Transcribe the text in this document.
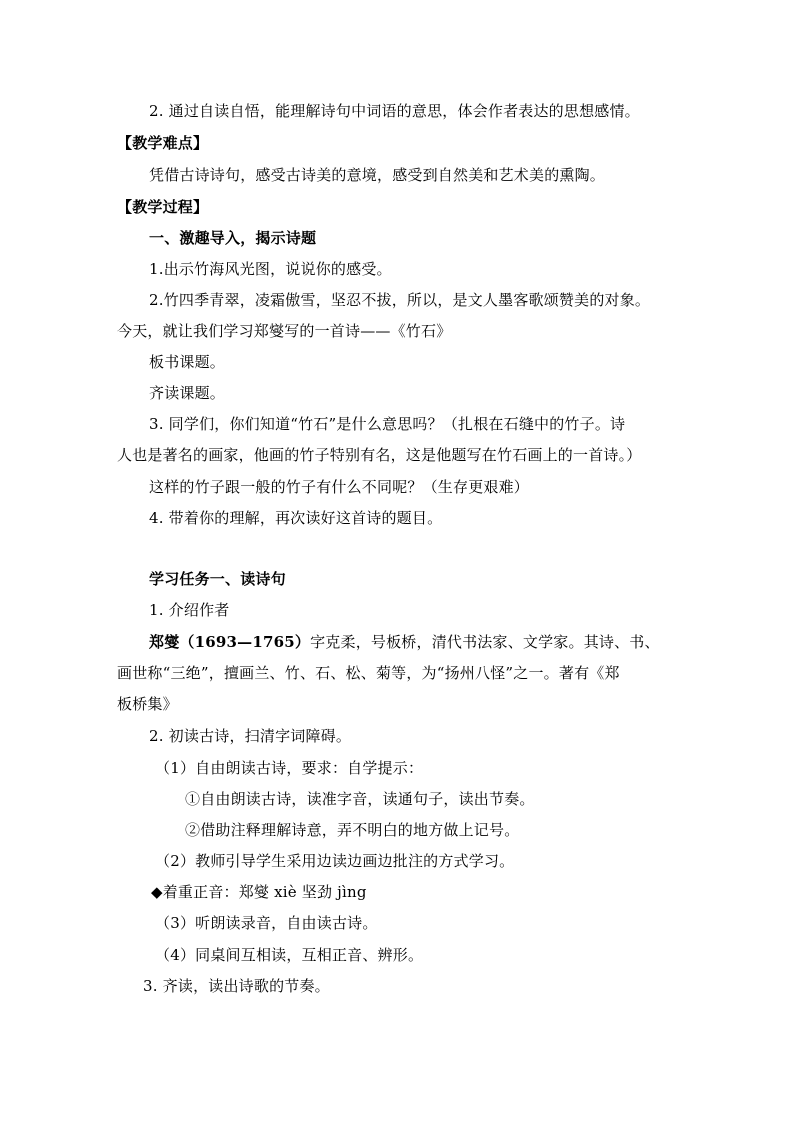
2. 通过自读自悟，能理解诗句中词语的意思，体会作者表达的思想感情。
【教学难点】
凭借古诗诗句，感受古诗美的意境，感受到自然美和艺术美的熏陶。
【教学过程】
一、激趣导入，揭示诗题
1.出示竹海风光图，说说你的感受。
2.竹四季青翠，凌霜傲雪，坚忍不拔，所以，是文人墨客歌颂赞美的对象。
今天，就让我们学习郑燮写的一首诗——《竹石》
板书课题。
齐读课题。
3. 同学们，你们知道“竹石”是什么意思吗？（扎根在石缝中的竹子。诗
人也是著名的画家，他画的竹子特别有名，这是他题写在竹石画上的一首诗。）
这样的竹子跟一般的竹子有什么不同呢？（生存更艰难）
4. 带着你的理解，再次读好这首诗的题目。
学习任务一、读诗句
1. 介绍作者
郑燮（1693—1765）字克柔，号板桥，清代书法家、文学家。其诗、书、
画世称“三绝”，擅画兰、竹、石、松、菊等，为“扬州八怪”之一。著有《郑
板桥集》
2. 初读古诗，扫清字词障碍。
（1）自由朗读古诗，要求：自学提示：
①自由朗读古诗，读准字音，读通句子，读出节奏。
②借助注释理解诗意，弄不明白的地方做上记号。
（2）教师引导学生采用边读边画边批注的方式学习。
◆着重正音：郑燮 xiè 坚劲 jìng
（3）听朗读录音，自由读古诗。
（4）同桌间互相读，互相正音、辨形。
3. 齐读，读出诗歌的节奏。
